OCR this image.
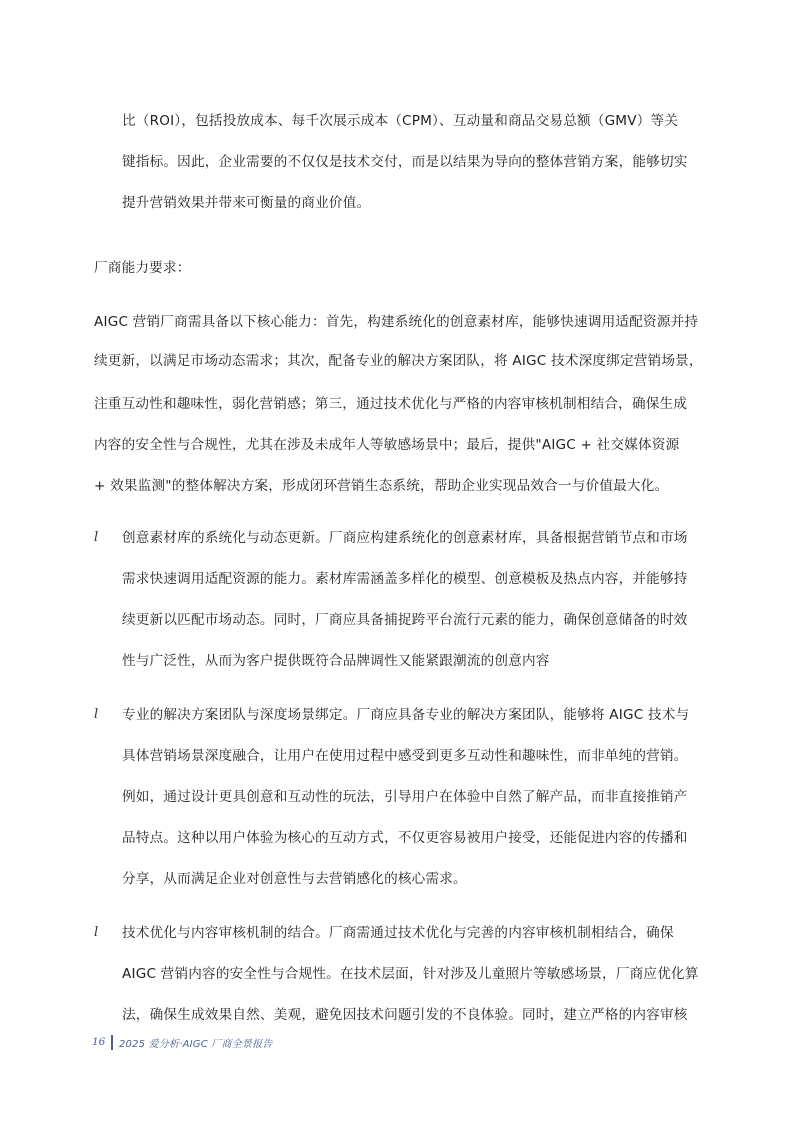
比（ROI），包括投放成本、每千次展示成本（CPM）、互动量和商品交易总额（GMV）等关
键指标。因此，企业需要的不仅仅是技术交付，而是以结果为导向的整体营销方案，能够切实
提升营销效果并带来可衡量的商业价值。
厂商能力要求：
AIGC 营销厂商需具备以下核心能力：首先，构建系统化的创意素材库，能够快速调用适配资源并持
续更新，以满足市场动态需求；其次，配备专业的解决方案团队，将 AIGC 技术深度绑定营销场景，
注重互动性和趣味性，弱化营销感；第三，通过技术优化与严格的内容审核机制相结合，确保生成
内容的安全性与合规性，尤其在涉及未成年人等敏感场景中；最后，提供"AIGC + 社交媒体资源
+ 效果监测"的整体解决方案，形成闭环营销生态系统，帮助企业实现品效合一与价值最大化。
l 创意素材库的系统化与动态更新。厂商应构建系统化的创意素材库，具备根据营销节点和市场
需求快速调用适配资源的能力。素材库需涵盖多样化的模型、创意模板及热点内容，并能够持
续更新以匹配市场动态。同时，厂商应具备捕捉跨平台流行元素的能力，确保创意储备的时效
性与广泛性，从而为客户提供既符合品牌调性又能紧跟潮流的创意内容
l 专业的解决方案团队与深度场景绑定。厂商应具备专业的解决方案团队，能够将 AIGC 技术与
具体营销场景深度融合，让用户在使用过程中感受到更多互动性和趣味性，而非单纯的营销。
例如，通过设计更具创意和互动性的玩法，引导用户在体验中自然了解产品，而非直接推销产
品特点。这种以用户体验为核心的互动方式，不仅更容易被用户接受，还能促进内容的传播和
分享，从而满足企业对创意性与去营销感化的核心需求。
l 技术优化与内容审核机制的结合。厂商需通过技术优化与完善的内容审核机制相结合，确保
AIGC 营销内容的安全性与合规性。在技术层面，针对涉及儿童照片等敏感场景，厂商应优化算
法，确保生成效果自然、美观，避免因技术问题引发的不良体验。同时，建立严格的内容审核
16 2025 爱分析·AIGC 厂商全景报告
